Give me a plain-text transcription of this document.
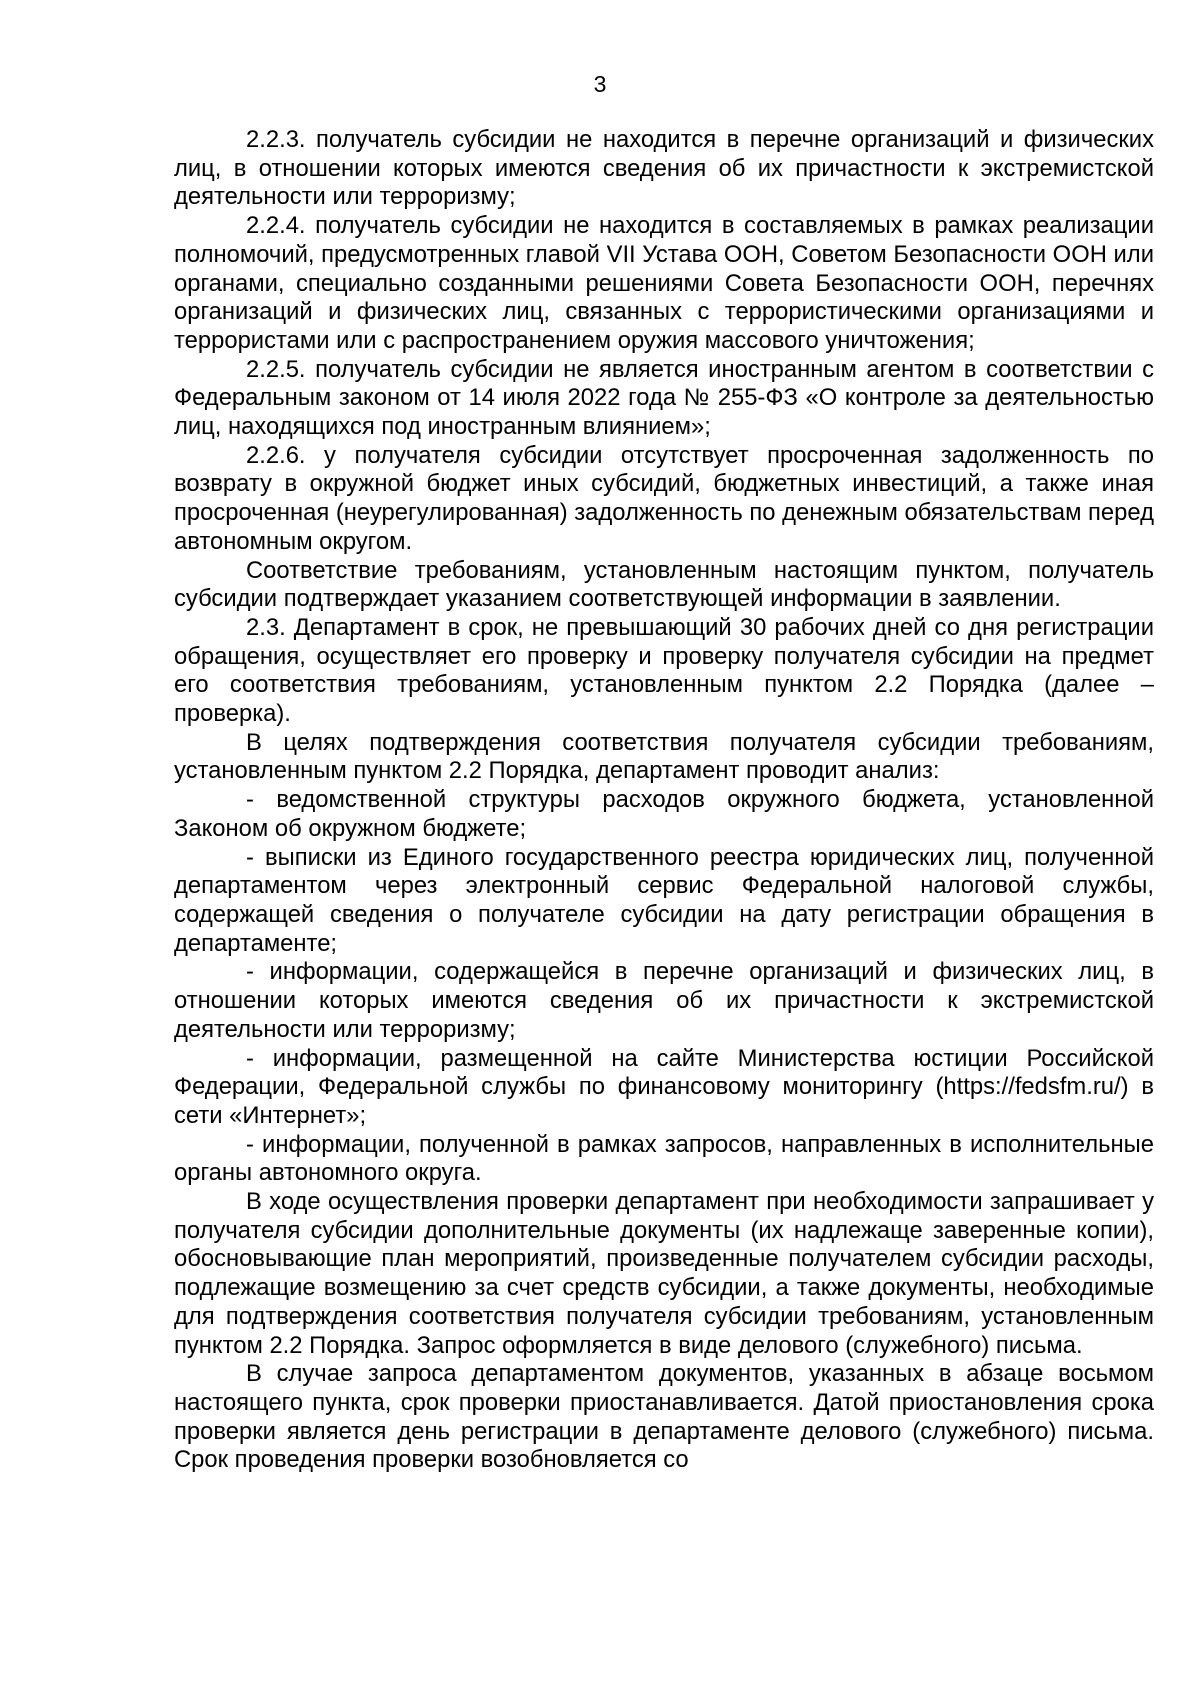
3

2.2.3. получатель субсидии не находится в перечне организаций и физических лиц, в отношении которых имеются сведения об их причастности к экстремистской деятельности или терроризму;

2.2.4. получатель субсидии не находится в составляемых в рамках реализации полномочий, предусмотренных главой VII Устава ООН, Советом Безопасности ООН или органами, специально созданными решениями Совета Безопасности ООН, перечнях организаций и физических лиц, связанных с террористическими организациями и террористами или с распространением оружия массового уничтожения;

2.2.5. получатель субсидии не является иностранным агентом в соответствии с Федеральным законом от 14 июля 2022 года № 255-ФЗ «О контроле за деятельностью лиц, находящихся под иностранным влиянием»;

2.2.6. у получателя субсидии отсутствует просроченная задолженность по возврату в окружной бюджет иных субсидий, бюджетных инвестиций, а также иная просроченная (неурегулированная) задолженность по денежным обязательствам перед автономным округом.

Соответствие требованиям, установленным настоящим пунктом, получатель субсидии подтверждает указанием соответствующей информации в заявлении.

2.3. Департамент в срок, не превышающий 30 рабочих дней со дня регистрации обращения, осуществляет его проверку и проверку получателя субсидии на предмет его соответствия требованиям, установленным пунктом 2.2 Порядка (далее – проверка).

В целях подтверждения соответствия получателя субсидии требованиям, установленным пунктом 2.2 Порядка, департамент проводит анализ:

- ведомственной структуры расходов окружного бюджета, установленной Законом об окружном бюджете;

- выписки из Единого государственного реестра юридических лиц, полученной департаментом через электронный сервис Федеральной налоговой службы, содержащей сведения о получателе субсидии на дату регистрации обращения в департаменте;

- информации, содержащейся в перечне организаций и физических лиц, в отношении которых имеются сведения об их причастности к экстремистской деятельности или терроризму;

- информации, размещенной на сайте Министерства юстиции Российской Федерации, Федеральной службы по финансовому мониторингу (https://fedsfm.ru/) в сети «Интернет»;

- информации, полученной в рамках запросов, направленных в исполнительные органы автономного округа.

В ходе осуществления проверки департамент при необходимости запрашивает у получателя субсидии дополнительные документы (их надлежаще заверенные копии), обосновывающие план мероприятий, произведенные получателем субсидии расходы, подлежащие возмещению за счет средств субсидии, а также документы, необходимые для подтверждения соответствия получателя субсидии требованиям, установленным пунктом 2.2 Порядка. Запрос оформляется в виде делового (служебного) письма.

В случае запроса департаментом документов, указанных в абзаце восьмом настоящего пункта, срок проверки приостанавливается. Датой приостановления срока проверки является день регистрации в департаменте делового (служебного) письма. Срок проведения проверки возобновляется со
